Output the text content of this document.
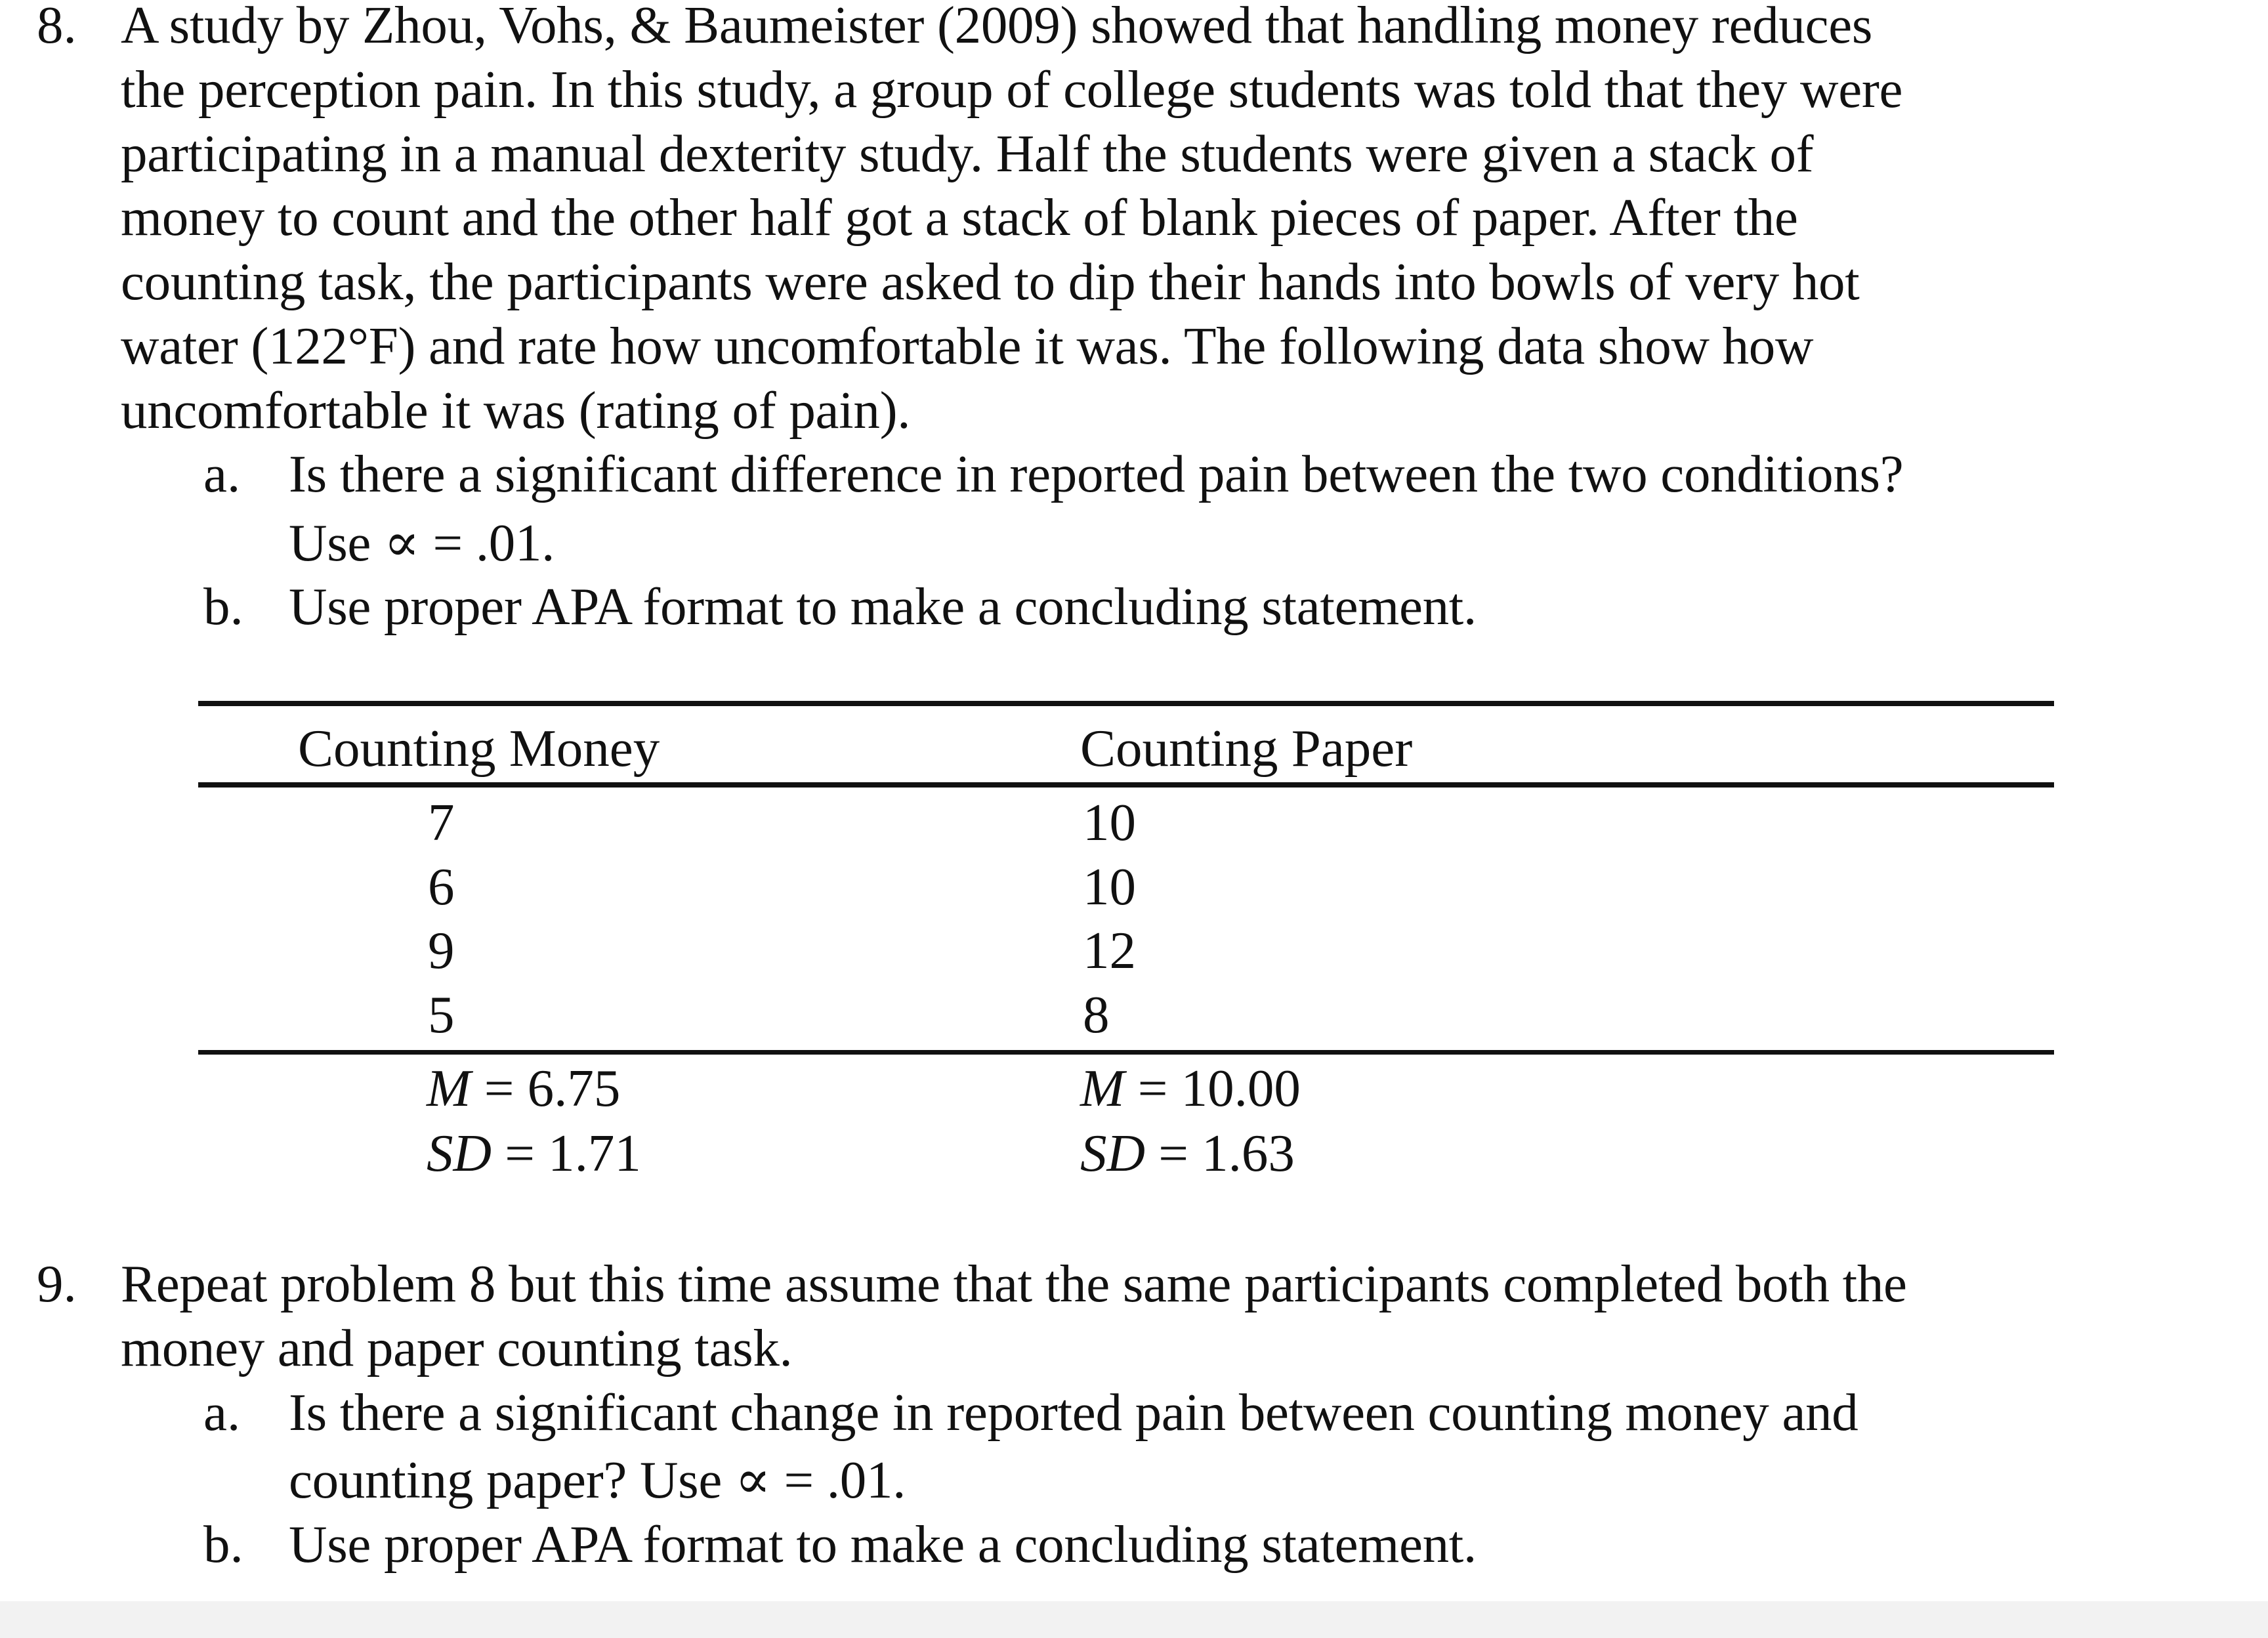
8. A study by Zhou, Vohs, & Baumeister (2009) showed that handling money reduces
the perception pain. In this study, a group of college students was told that they were
participating in a manual dexterity study. Half the students were given a stack of
money to count and the other half got a stack of blank pieces of paper. After the
counting task, the participants were asked to dip their hands into bowls of very hot
water (122°F) and rate how uncomfortable it was. The following data show how
uncomfortable it was (rating of pain).
a. Is there a significant difference in reported pain between the two conditions?
Use ∝ = .01.
b. Use proper APA format to make a concluding statement.
Counting Money	Counting Paper
7	10
6	10
9	12
5	8
M = 6.75	M = 10.00
SD = 1.71	SD = 1.63
9. Repeat problem 8 but this time assume that the same participants completed both the
money and paper counting task.
a. Is there a significant change in reported pain between counting money and
counting paper? Use ∝ = .01.
b. Use proper APA format to make a concluding statement.
